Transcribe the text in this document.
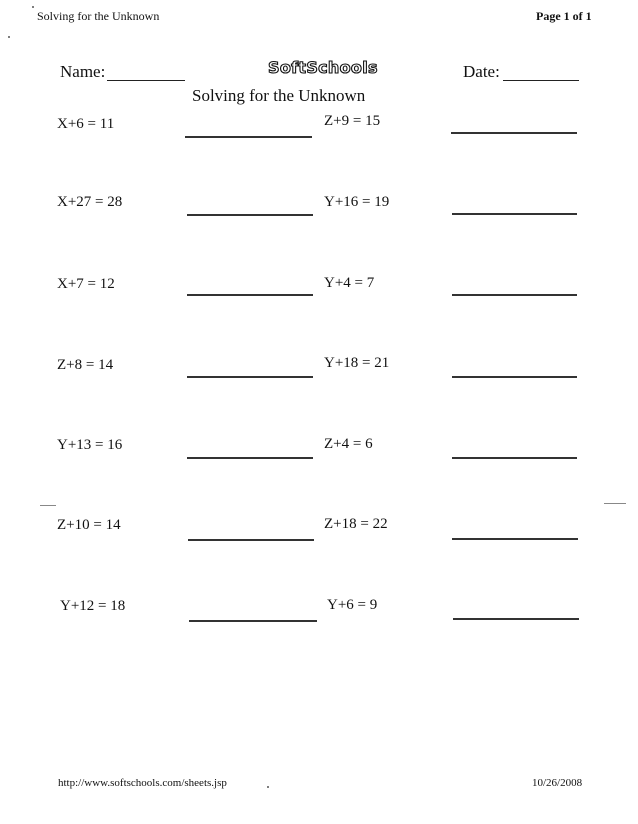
Solving for the Unknown	Page 1 of 1
Name:	SoftSchools	Date:
Solving for the Unknown
X+6 = 11	Z+9 = 15
X+27 = 28	Y+16 = 19
X+7 = 12	Y+4 = 7
Z+8 = 14	Y+18 = 21
Y+13 = 16	Z+4 = 6
Z+10 = 14	Z+18 = 22
Y+12 = 18	Y+6 = 9
http://www.softschools.com/sheets.jsp	10/26/2008
